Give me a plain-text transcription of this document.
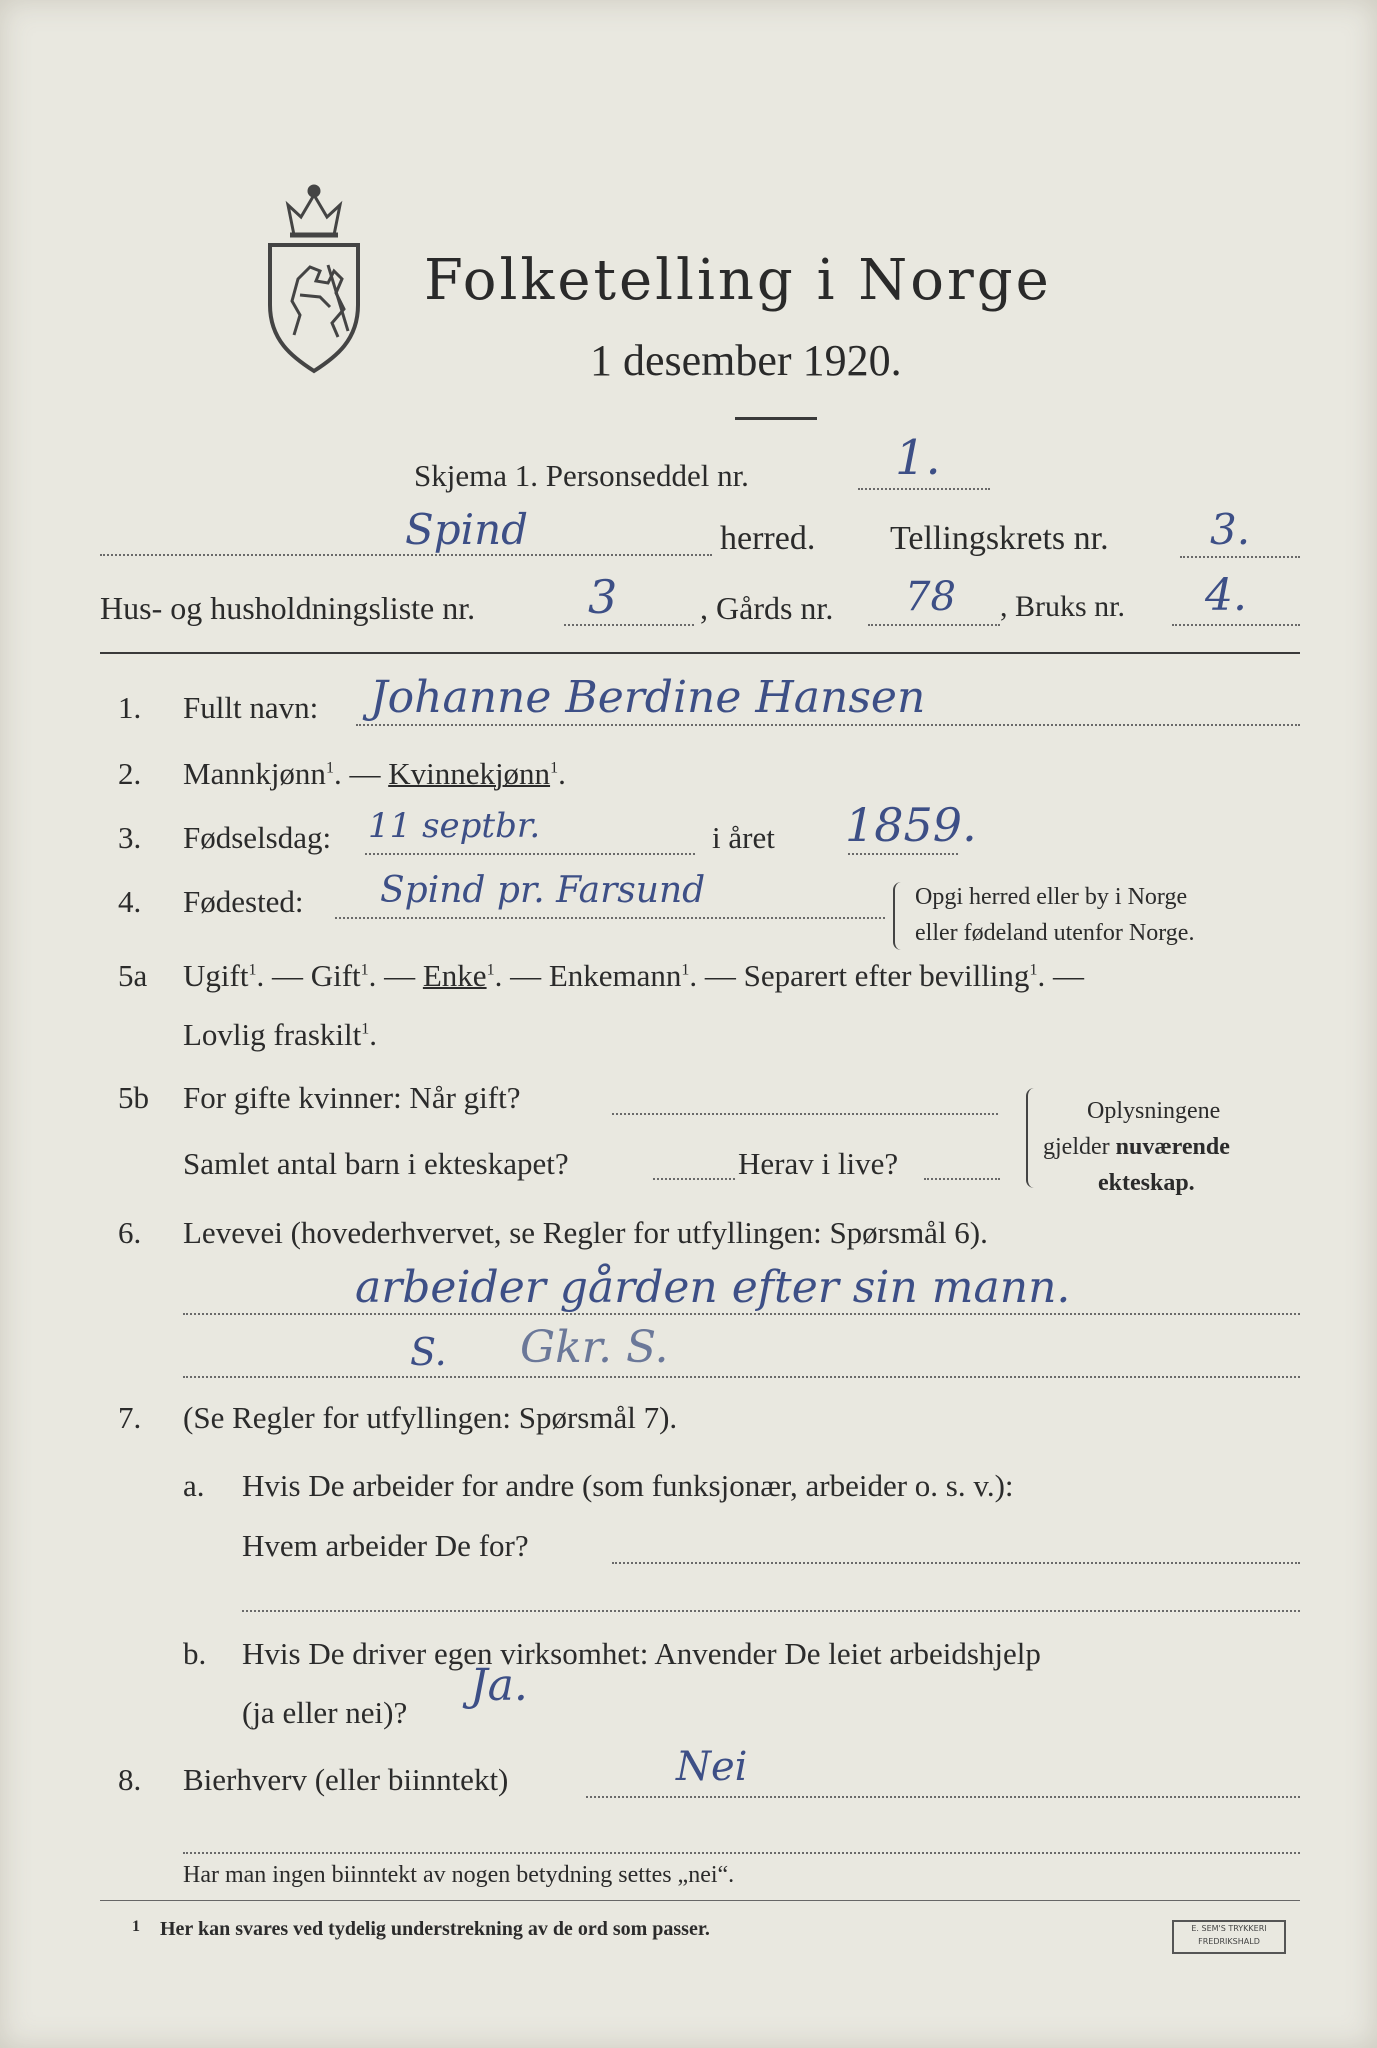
Folketelling i Norge
1 desember 1920.
Skjema 1. Personseddel nr.	1.
Spind	herred. Tellingskrets nr. 3.
Hus- og husholdningsliste nr. 3	, Gårds nr. 78 , Bruks nr. 4.
1. Fullt navn: Johanne Berdine Hansen
2. Mannkjønn$^1$. — Kvinnekjønn$^1$.
3. Fødselsdag: 11 septbr.	i året 1859.
4. Fødested: Spind pr. Farsund	Opgi herred eller by i Norge
eller fødeland utenfor Norge.
5a Ugift$^1$. — Gift$^1$. — Enke$^1$. — Enkemann$^1$. — Separert efter bevilling$^1$. —
Lovlig fraskilt$^1$.
5b For gifte kvinner: Når gift?
Samlet antal barn i ekteskapet?	Herav i live?
Oplysningene
gjelder nuværende
ekteskap.
6. Levevei (hovederhvervet, se Regler for utfyllingen: Spørsmål 6).
arbeider gården efter sin mann.
S. Gkr. S.
7. (Se Regler for utfyllingen: Spørsmål 7).
a. Hvis De arbeider for andre (som funksjonær, arbeider o. s. v.):
Hvem arbeider De for?
b. Hvis De driver egen virksomhet: Anvender De leiet arbeidshjelp
(ja eller nei)?
Ja.
8. Bierhverv (eller biinntekt)	Nei
Har man ingen biinntekt av nogen betydning settes „nei“.
1 Her kan svares ved tydelig understrekning av de ord som passer.	E. SEM'S TRYKKERI
FREDRIKSHALD
